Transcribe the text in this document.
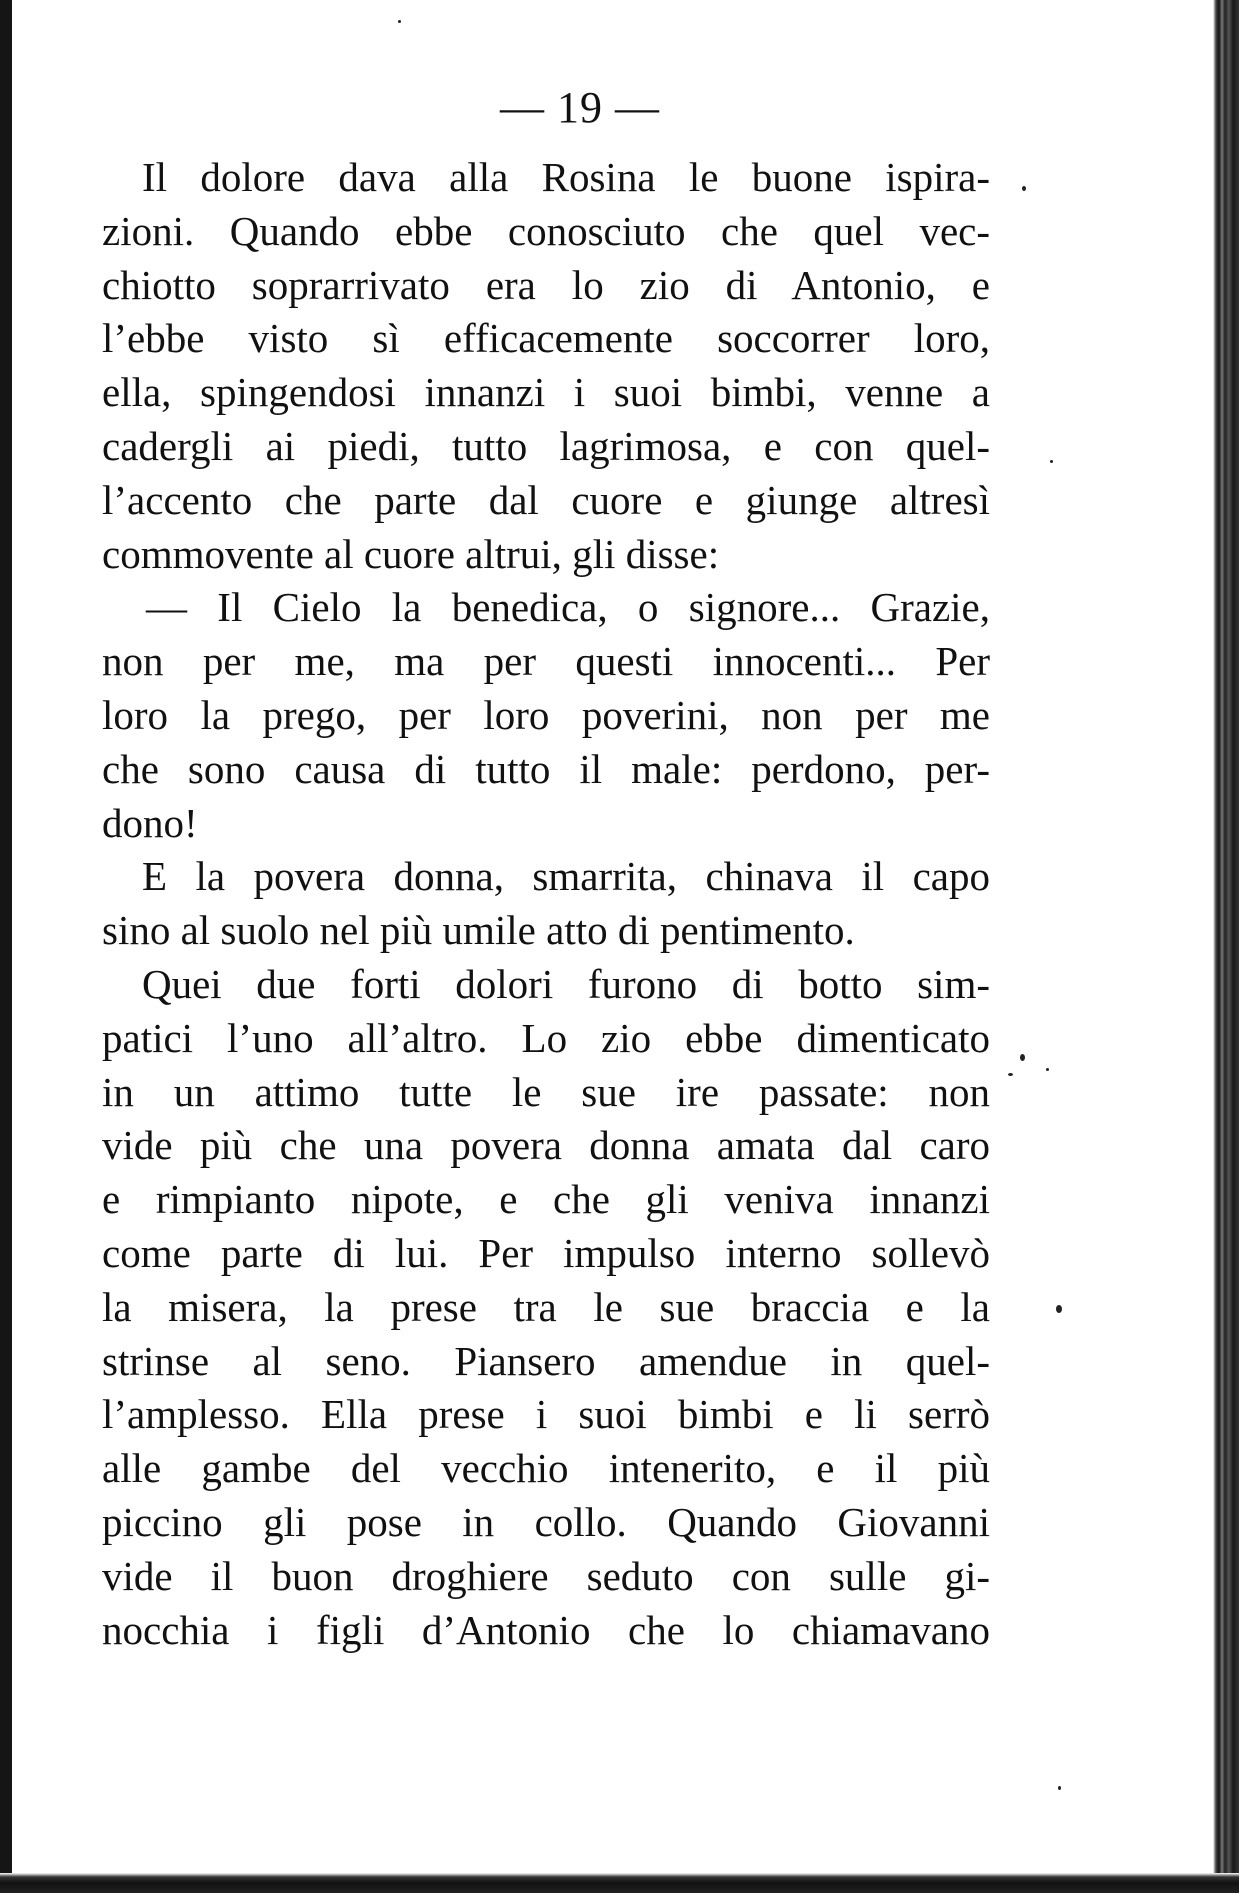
— 19 —
Il dolore dava alla Rosina le buone ispira-
zioni. Quando ebbe conosciuto che quel vec-
chiotto soprarrivato era lo zio di Antonio, e
l’ebbe visto sì efficacemente soccorrer loro,
ella, spingendosi innanzi i suoi bimbi, venne a
cadergli ai piedi, tutto lagrimosa, e con quel-
l’accento che parte dal cuore e giunge altresì
commovente al cuore altrui, gli disse:
— Il Cielo la benedica, o signore... Grazie,
non per me, ma per questi innocenti... Per
loro la prego, per loro poverini, non per me
che sono causa di tutto il male: perdono, per-
dono!
E la povera donna, smarrita, chinava il capo
sino al suolo nel più umile atto di pentimento.
Quei due forti dolori furono di botto sim-
patici l’uno all’altro. Lo zio ebbe dimenticato
in un attimo tutte le sue ire passate: non
vide più che una povera donna amata dal caro
e rimpianto nipote, e che gli veniva innanzi
come parte di lui. Per impulso interno sollevò
la misera, la prese tra le sue braccia e la
strinse al seno. Piansero amendue in quel-
l’amplesso. Ella prese i suoi bimbi e li serrò
alle gambe del vecchio intenerito, e il più
piccino gli pose in collo. Quando Giovanni
vide il buon droghiere seduto con sulle gi-
nocchia i figli d’Antonio che lo chiamavano
